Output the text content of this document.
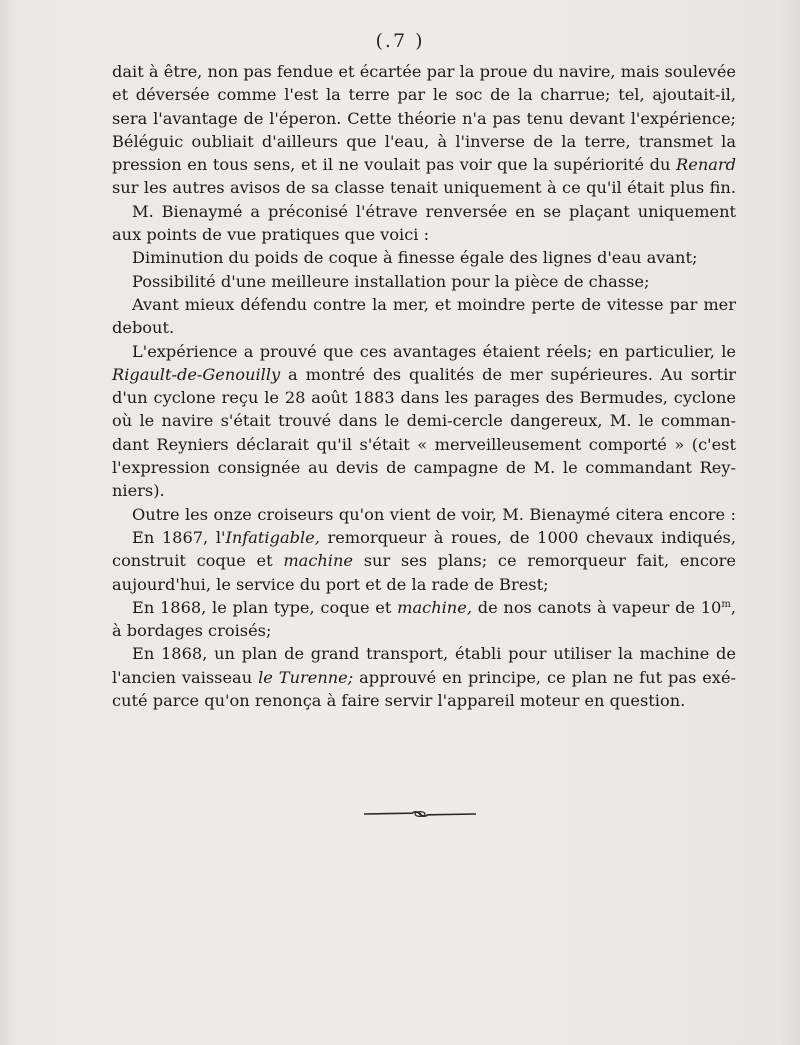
(.7 )
dait à être, non pas fendue et écartée par la proue du navire, mais soulevée
et déversée comme l'est la terre par le soc de la charrue; tel, ajoutait-il,
sera l'avantage de l'éperon. Cette théorie n'a pas tenu devant l'expérience;
Béléguic oubliait d'ailleurs que l'eau, à l'inverse de la terre, transmet la
pression en tous sens, et il ne voulait pas voir que la supériorité du Renard
sur les autres avisos de sa classe tenait uniquement à ce qu'il était plus fin.
M. Bienaymé a préconisé l'étrave renversée en se plaçant uniquement
aux points de vue pratiques que voici :
Diminution du poids de coque à finesse égale des lignes d'eau avant;
Possibilité d'une meilleure installation pour la pièce de chasse;
Avant mieux défendu contre la mer, et moindre perte de vitesse par mer
debout.
L'expérience a prouvé que ces avantages étaient réels; en particulier, le
Rigault-de-Genouilly a montré des qualités de mer supérieures. Au sortir
d'un cyclone reçu le 28 août 1883 dans les parages des Bermudes, cyclone
où le navire s'était trouvé dans le demi-cercle dangereux, M. le comman-
dant Reyniers déclarait qu'il s'était « merveilleusement comporté » (c'est
l'expression consignée au devis de campagne de M. le commandant Rey-
niers).
Outre les onze croiseurs qu'on vient de voir, M. Bienaymé citera encore :
En 1867, l'Infatigable, remorqueur à roues, de 1000 chevaux indiqués,
construit coque et machine sur ses plans; ce remorqueur fait, encore
aujourd'hui, le service du port et de la rade de Brest;
En 1868, le plan type, coque et machine, de nos canots à vapeur de 10$^m$,
à bordages croisés;
En 1868, un plan de grand transport, établi pour utiliser la machine de
l'ancien vaisseau le Turenne; approuvé en principe, ce plan ne fut pas exé-
cuté parce qu'on renonça à faire servir l'appareil moteur en question.
